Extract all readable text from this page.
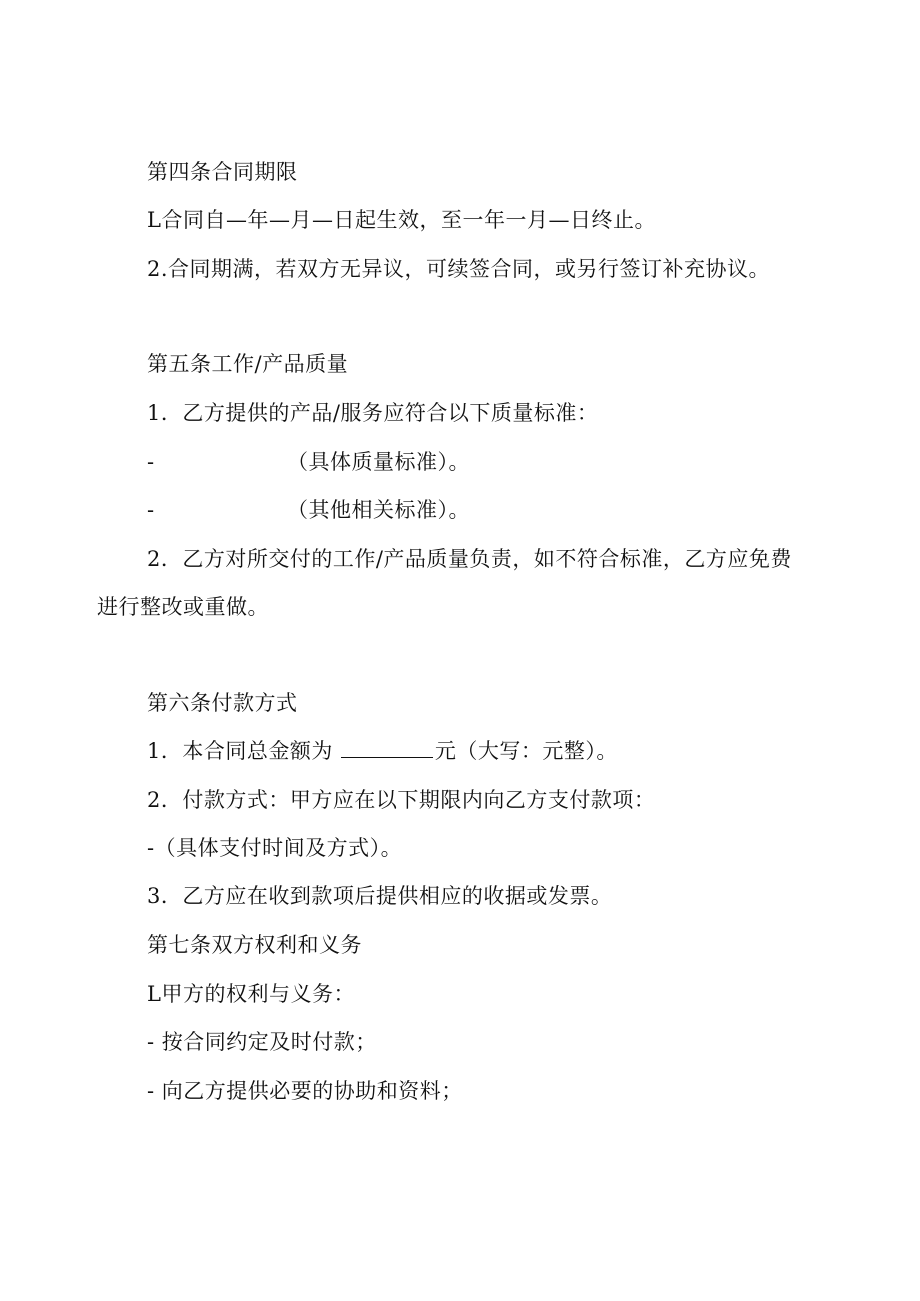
第四条合同期限
L合同自—年—月—日起生效，至一年一月—日终止。
2.合同期满，若双方无异议，可续签合同，或另行签订补充协议。
第五条工作/产品质量
1．乙方提供的产品/服务应符合以下质量标准：
-	（具体质量标准）。
-	（其他相关标准）。
2．乙方对所交付的工作/产品质量负责，如不符合标准，乙方应免费
进行整改或重做。
第六条付款方式
1．本合同总金额为	元（大写：元整）。
2．付款方式：甲方应在以下期限内向乙方支付款项：
-（具体支付时间及方式）。
3．乙方应在收到款项后提供相应的收据或发票。
第七条双方权利和义务
L甲方的权利与义务：
- 按合同约定及时付款；
- 向乙方提供必要的协助和资料；
